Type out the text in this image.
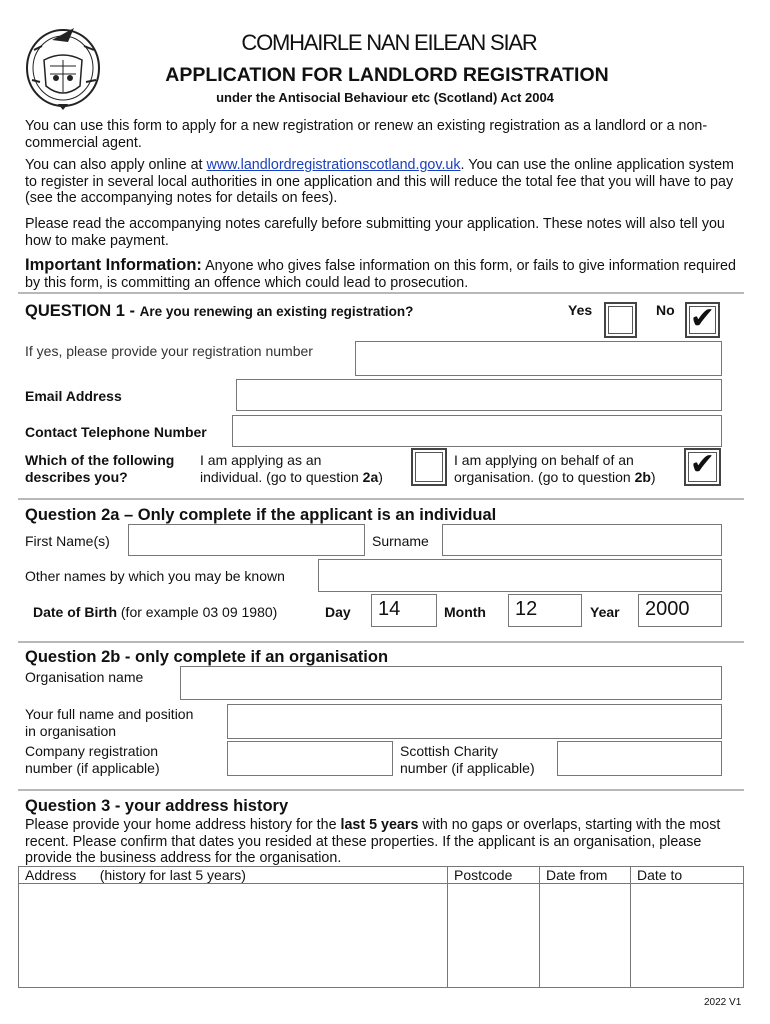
COMHAIRLE NAN EILEAN SIAR
APPLICATION FOR LANDLORD REGISTRATION
under the Antisocial Behaviour etc (Scotland) Act 2004
You can use this form to apply for a new registration or renew an existing registration as a landlord or a non-commercial agent.
You can also apply online at www.landlordregistrationscotland.gov.uk. You can use the online application system to register in several local authorities in one application and this will reduce the total fee that you will have to pay (see the accompanying notes for details on fees).
Please read the accompanying notes carefully before submitting your application. These notes will also tell you how to make payment.
Important Information: Anyone who gives false information on this form, or fails to give information required by this form, is committing an offence which could lead to prosecution.
QUESTION 1 - Are you renewing an existing registration?	Yes	No ✔
If yes, please provide your registration number
Email Address
Contact Telephone Number
Which of the following
describes you?
I am applying as an
individual. (go to question 2a)
I am applying on behalf of an
organisation. (go to question 2b) ✔
Question 2a – Only complete if the applicant is an individual
First Name(s)	Surname
Other names by which you may be known
Date of Birth (for example 03 09 1980)	Day 14	Month 12	Year 2000
Question 2b - only complete if an organisation
Organisation name
Your full name and position
in organisation
Company registration
number (if applicable)
Scottish Charity
number (if applicable)
Question 3 - your address history
Please provide your home address history for the last 5 years with no gaps or overlaps, starting with the most recent. Please confirm that dates you resided at these properties. If the applicant is an organisation, please provide the business address for the organisation.
Address      (history for last 5 years)	Postcode	Date from	Date to

2022 V1
